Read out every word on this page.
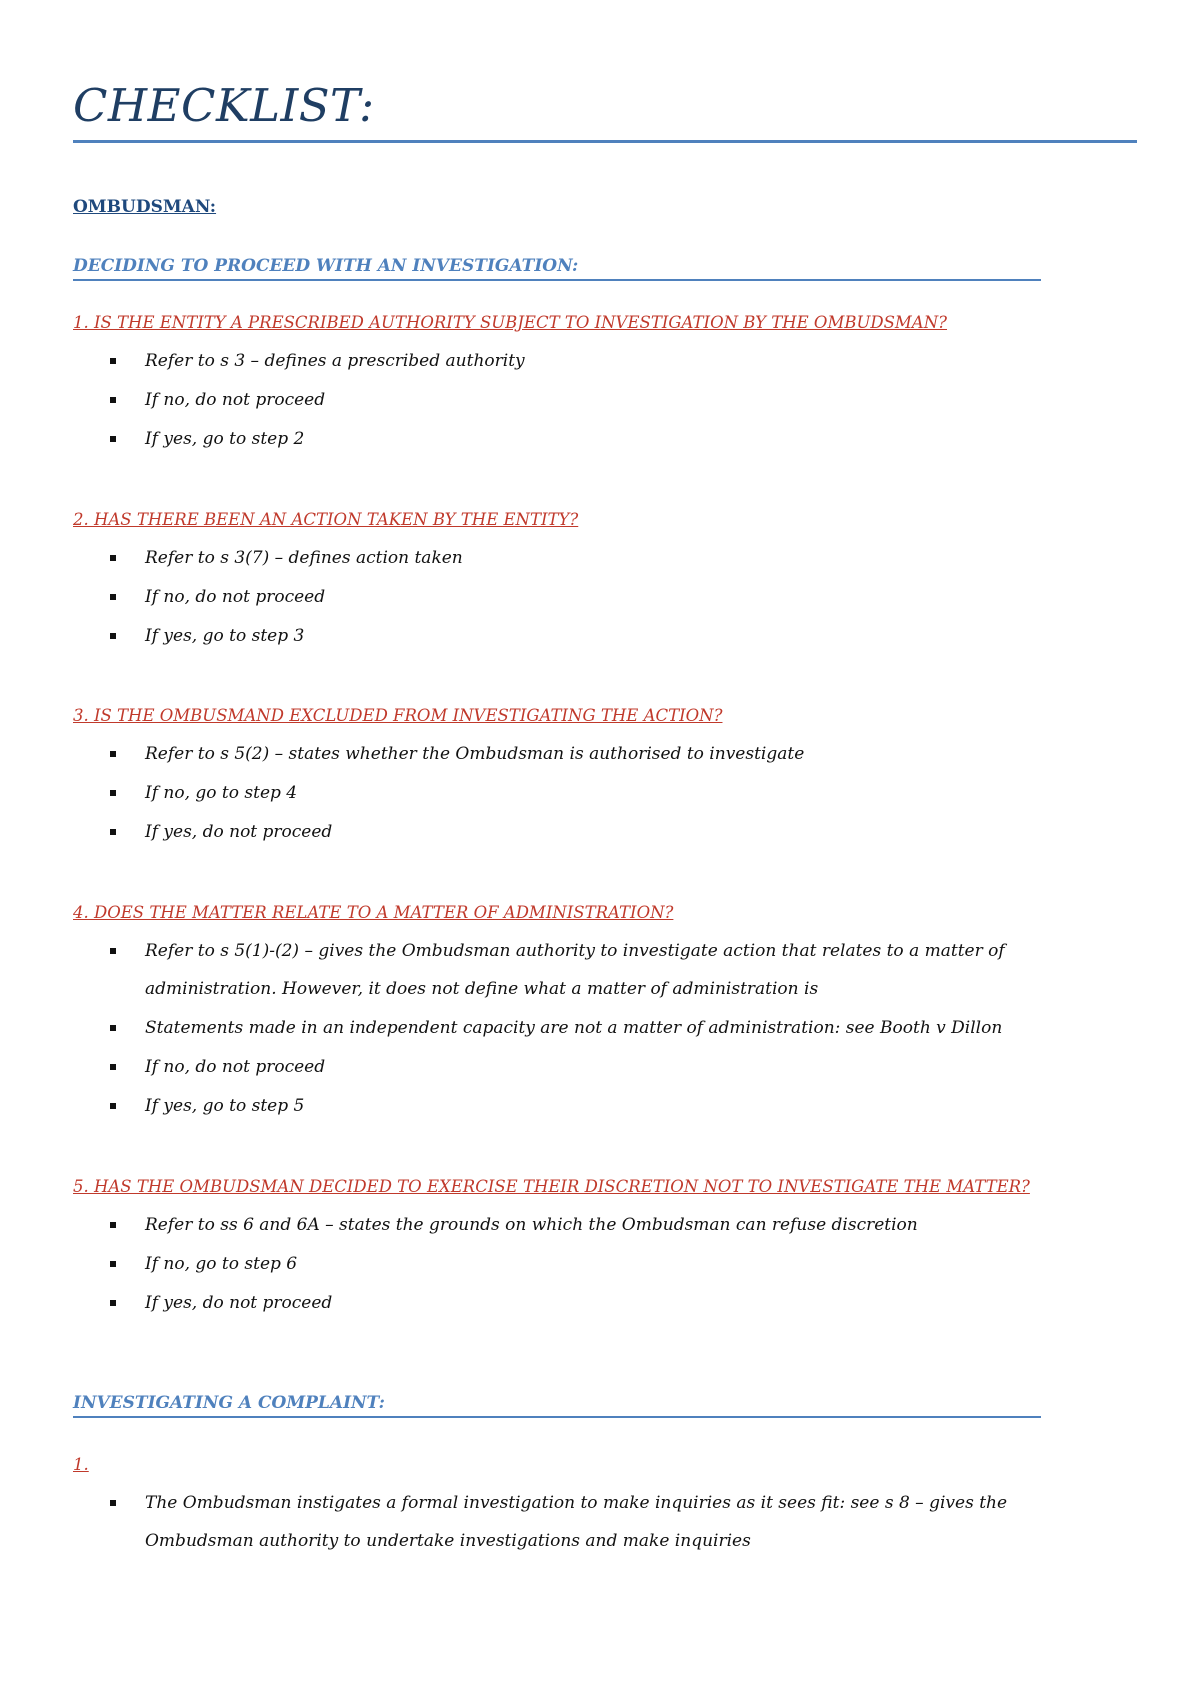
CHECKLIST:

OMBUDSMAN:

DECIDING TO PROCEED WITH AN INVESTIGATION:

1. IS THE ENTITY A PRESCRIBED AUTHORITY SUBJECT TO INVESTIGATION BY THE OMBUDSMAN?

Refer to s 3 – defines a prescribed authority
If no, do not proceed
If yes, go to step 2

2. HAS THERE BEEN AN ACTION TAKEN BY THE ENTITY?

Refer to s 3(7) – defines action taken
If no, do not proceed
If yes, go to step 3

3. IS THE OMBUSMAND EXCLUDED FROM INVESTIGATING THE ACTION?

Refer to s 5(2) – states whether the Ombudsman is authorised to investigate
If no, go to step 4
If yes, do not proceed

4. DOES THE MATTER RELATE TO A MATTER OF ADMINISTRATION?

Refer to s 5(1)-(2) – gives the Ombudsman authority to investigate action that relates to a matter of administration. However, it does not define what a matter of administration is
Statements made in an independent capacity are not a matter of administration: see Booth v Dillon
If no, do not proceed
If yes, go to step 5

5. HAS THE OMBUDSMAN DECIDED TO EXERCISE THEIR DISCRETION NOT TO INVESTIGATE THE MATTER?

Refer to ss 6 and 6A – states the grounds on which the Ombudsman can refuse discretion
If no, go to step 6
If yes, do not proceed

INVESTIGATING A COMPLAINT:

1.

The Ombudsman instigates a formal investigation to make inquiries as it sees fit: see s 8 – gives the Ombudsman authority to undertake investigations and make inquiries
